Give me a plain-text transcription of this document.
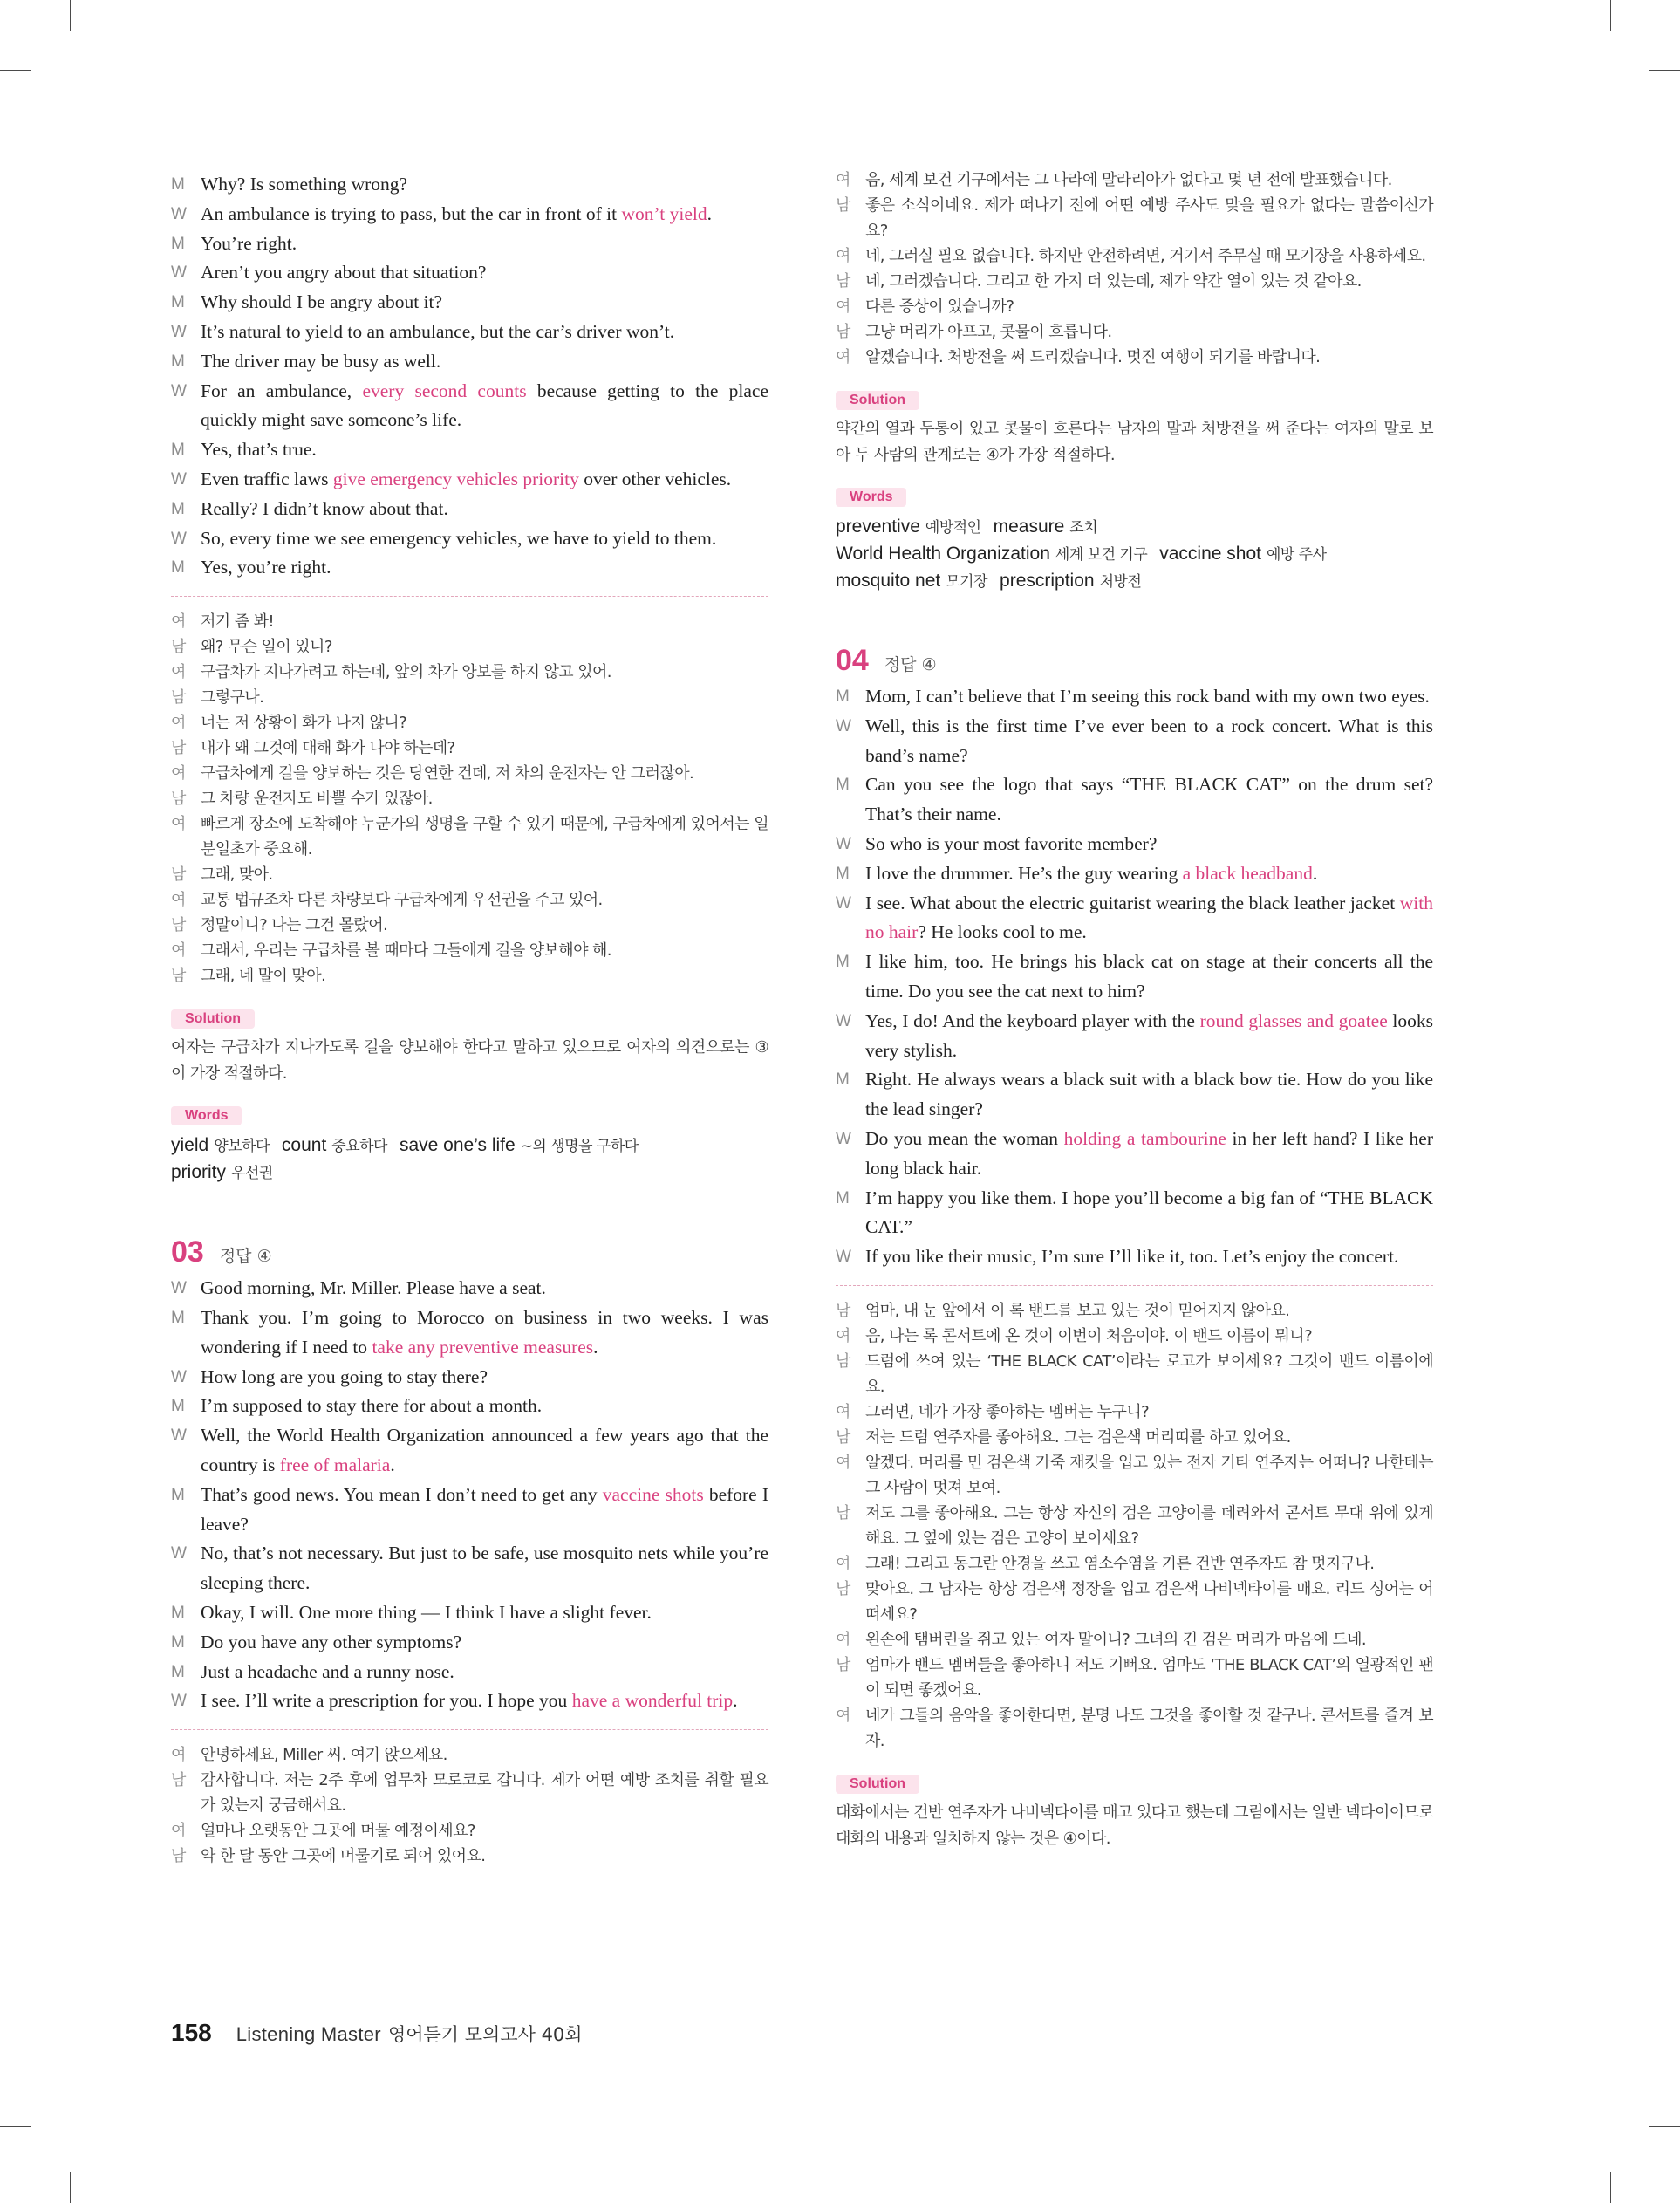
M Why? Is something wrong?
W An ambulance is trying to pass, but the car in front of it won’t yield.
M You’re right.
W Aren’t you angry about that situation?
M Why should I be angry about it?
W It’s natural to yield to an ambulance, but the car’s driver won’t.
M The driver may be busy as well.
W For an ambulance, every second counts because getting to the place quickly might save someone’s life.
M Yes, that’s true.
W Even traffic laws give emergency vehicles priority over other vehicles.
M Really? I didn’t know about that.
W So, every time we see emergency vehicles, we have to yield to them.
M Yes, you’re right.
여 저기 좀 봐!
남 왜? 무슨 일이 있니?
여 구급차가 지나가려고 하는데, 앞의 차가 양보를 하지 않고 있어.
남 그렇구나.
여 너는 저 상황이 화가 나지 않니?
남 내가 왜 그것에 대해 화가 나야 하는데?
여 구급차에게 길을 양보하는 것은 당연한 건데, 저 차의 운전자는 안 그러잖아.
남 그 차량 운전자도 바쁠 수가 있잖아.
여 빠르게 장소에 도착해야 누군가의 생명을 구할 수 있기 때문에, 구급차에게 있어서는 일분일초가 중요해.
남 그래, 맞아.
여 교통 법규조차 다른 차량보다 구급차에게 우선권을 주고 있어.
남 정말이니? 나는 그건 몰랐어.
여 그래서, 우리는 구급차를 볼 때마다 그들에게 길을 양보해야 해.
남 그래, 네 말이 맞아.
Solution

여자는 구급차가 지나가도록 길을 양보해야 한다고 말하고 있으므로 여자의 의견으로는 ③이 가장 적절하다.

Words
yield 양보하다 count 중요하다 save one’s life ~의 생명을 구하다
priority 우선권
03 정답 ④
W Good morning, Mr. Miller. Please have a seat.
M Thank you. I’m going to Morocco on business in two weeks. I was wondering if I need to take any preventive measures.
W How long are you going to stay there?
M I’m supposed to stay there for about a month.
W Well, the World Health Organization announced a few years ago that the country is free of malaria.
M That’s good news. You mean I don’t need to get any vaccine shots before I leave?
W No, that’s not necessary. But just to be safe, use mosquito nets while you’re sleeping there.
M Okay, I will. One more thing — I think I have a slight fever.
M Do you have any other symptoms?
M Just a headache and a runny nose.
W I see. I’ll write a prescription for you. I hope you have a wonderful trip.
여 안녕하세요, Miller 씨. 여기 앉으세요.
남 감사합니다. 저는 2주 후에 업무차 모로코로 갑니다. 제가 어떤 예방 조치를 취할 필요가 있는지 궁금해서요.
여 얼마나 오랫동안 그곳에 머물 예정이세요?
남 약 한 달 동안 그곳에 머물기로 되어 있어요.
여 음, 세계 보건 기구에서는 그 나라에 말라리아가 없다고 몇 년 전에 발표했습니다.
남 좋은 소식이네요. 제가 떠나기 전에 어떤 예방 주사도 맞을 필요가 없다는 말씀이신가요?
여 네, 그러실 필요 없습니다. 하지만 안전하려면, 거기서 주무실 때 모기장을 사용하세요.
남 네, 그러겠습니다. 그리고 한 가지 더 있는데, 제가 약간 열이 있는 것 같아요.
여 다른 증상이 있습니까?
남 그냥 머리가 아프고, 콧물이 흐릅니다.
여 알겠습니다. 처방전을 써 드리겠습니다. 멋진 여행이 되기를 바랍니다.
Solution

약간의 열과 두통이 있고 콧물이 흐른다는 남자의 말과 처방전을 써 준다는 여자의 말로 보아 두 사람의 관계로는 ④가 가장 적절하다.

Words
preventive 예방적인 measure 조치
World Health Organization 세계 보건 기구 vaccine shot 예방 주사
mosquito net 모기장 prescription 처방전
04 정답 ④
M Mom, I can’t believe that I’m seeing this rock band with my own two eyes.
W Well, this is the first time I’ve ever been to a rock concert. What is this band’s name?
M Can you see the logo that says “THE BLACK CAT” on the drum set? That’s their name.
W So who is your most favorite member?
M I love the drummer. He’s the guy wearing a black headband.
W I see. What about the electric guitarist wearing the black leather jacket with no hair? He looks cool to me.
M I like him, too. He brings his black cat on stage at their concerts all the time. Do you see the cat next to him?
W Yes, I do! And the keyboard player with the round glasses and goatee looks very stylish.
M Right. He always wears a black suit with a black bow tie. How do you like the lead singer?
W Do you mean the woman holding a tambourine in her left hand? I like her long black hair.
M I’m happy you like them. I hope you’ll become a big fan of “THE BLACK CAT.”
W If you like their music, I’m sure I’ll like it, too. Let’s enjoy the concert.
남 엄마, 내 눈 앞에서 이 록 밴드를 보고 있는 것이 믿어지지 않아요.
여 음, 나는 록 콘서트에 온 것이 이번이 처음이야. 이 밴드 이름이 뭐니?
남 드럼에 쓰여 있는 ‘THE BLACK CAT’이라는 로고가 보이세요? 그것이 밴드 이름이에요.
여 그러면, 네가 가장 좋아하는 멤버는 누구니?
남 저는 드럼 연주자를 좋아해요. 그는 검은색 머리띠를 하고 있어요.
여 알겠다. 머리를 민 검은색 가죽 재킷을 입고 있는 전자 기타 연주자는 어떠니? 나한테는 그 사람이 멋져 보여.
남 저도 그를 좋아해요. 그는 항상 자신의 검은 고양이를 데려와서 콘서트 무대 위에 있게 해요. 그 옆에 있는 검은 고양이 보이세요?
여 그래! 그리고 동그란 안경을 쓰고 염소수염을 기른 건반 연주자도 참 멋지구나.
남 맞아요. 그 남자는 항상 검은색 정장을 입고 검은색 나비넥타이를 매요. 리드 싱어는 어떠세요?
여 왼손에 탬버린을 쥐고 있는 여자 말이니? 그녀의 긴 검은 머리가 마음에 드네.
남 엄마가 밴드 멤버들을 좋아하니 저도 기뻐요. 엄마도 ‘THE BLACK CAT’의 열광적인 팬이 되면 좋겠어요.
여 네가 그들의 음악을 좋아한다면, 분명 나도 그것을 좋아할 것 같구나. 콘서트를 즐겨 보자.
Solution

대화에서는 건반 연주자가 나비넥타이를 매고 있다고 했는데 그림에서는 일반 넥타이이므로 대화의 내용과 일치하지 않는 것은 ④이다.

158 Listening Master 영어듣기 모의고사 40회
